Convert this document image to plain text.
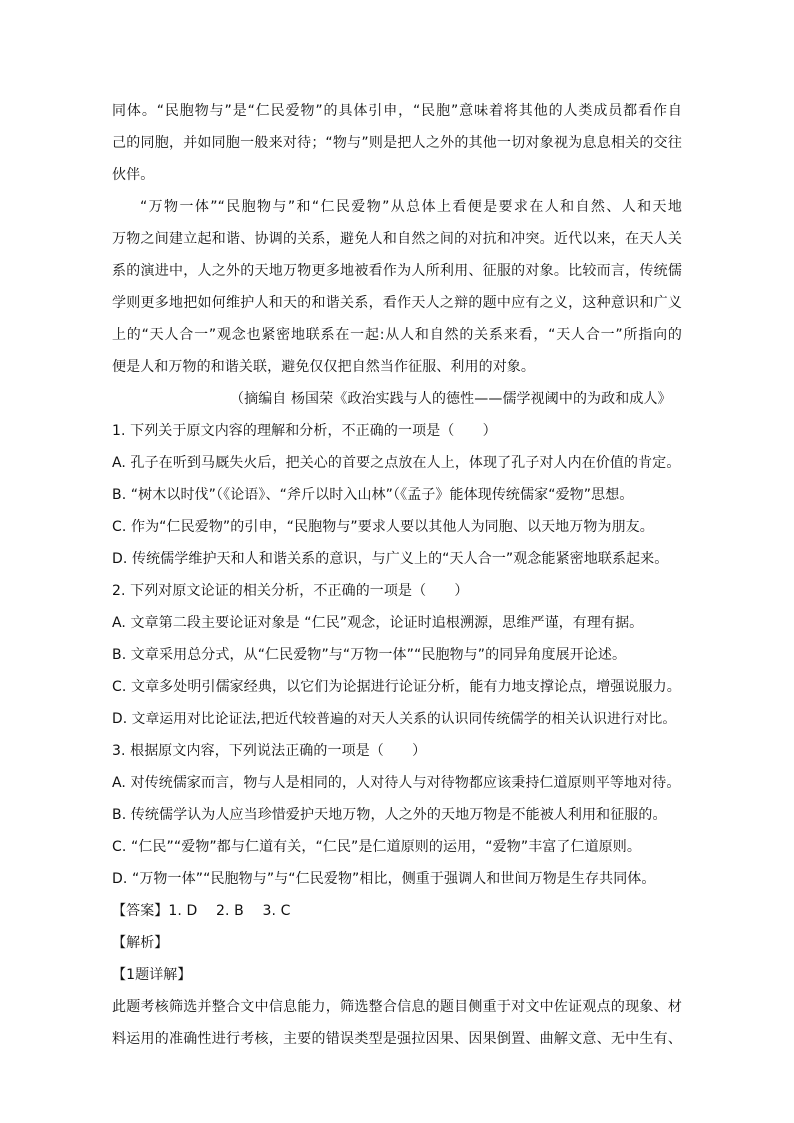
同体。“民胞物与”是“仁民爱物”的具体引申，“民胞”意味着将其他的人类成员都看作自
己的同胞，并如同胞一般来对待；“物与”则是把人之外的其他一切对象视为息息相关的交往
伙伴。
“万物一体”“民胞物与”和“仁民爱物”从总体上看便是要求在人和自然、人和天地
万物之间建立起和谐、协调的关系，避免人和自然之间的对抗和冲突。近代以来，在天人关
系的演进中，人之外的天地万物更多地被看作为人所利用、征服的对象。比较而言，传统儒
学则更多地把如何维护人和天的和谐关系，看作天人之辩的题中应有之义，这种意识和广义
上的“天人合一”观念也紧密地联系在一起:从人和自然的关系来看，“天人合一”所指向的
便是人和万物的和谐关联，避免仅仅把自然当作征服、利用的对象。
（摘编自 杨国荣《政治实践与人的德性——儒学视阈中的为政和成人》
1. 下列关于原文内容的理解和分析，不正确的一项是（　　）
A. 孔子在听到马厩失火后，把关心的首要之点放在人上，体现了孔子对人内在价值的肯定。
B. “树木以时伐”（《论语》、“斧斤以时入山林”（《孟子》能体现传统儒家“爱物”思想。
C. 作为“仁民爱物”的引申，“民胞物与”要求人要以其他人为同胞、以天地万物为朋友。
D. 传统儒学维护天和人和谐关系的意识，与广义上的“天人合一”观念能紧密地联系起来。
2. 下列对原文论证的相关分析，不正确的一项是（　　）
A. 文章第二段主要论证对象是 “仁民”观念，论证时追根溯源，思维严谨，有理有据。
B. 文章采用总分式，从“仁民爱物”与“万物一体”“民胞物与”的同异角度展开论述。
C. 文章多处明引儒家经典，以它们为论据进行论证分析，能有力地支撑论点，增强说服力。
D. 文章运用对比论证法,把近代较普遍的对天人关系的认识同传统儒学的相关认识进行对比。
3. 根据原文内容，下列说法正确的一项是（　　）
A. 对传统儒家而言，物与人是相同的，人对待人与对待物都应该秉持仁道原则平等地对待。
B. 传统儒学认为人应当珍惜爱护天地万物，人之外的天地万物是不能被人利用和征服的。
C. “仁民”“爱物”都与仁道有关，“仁民”是仁道原则的运用，“爱物”丰富了仁道原则。
D. “万物一体”“民胞物与”与“仁民爱物”相比，侧重于强调人和世间万物是生存共同体。
【答案】1. D　 2. B　 3. C
【解析】
【1题详解】
此题考核筛选并整合文中信息能力，筛选整合信息的题目侧重于对文中佐证观点的现象、材
料运用的准确性进行考核，主要的错误类型是强拉因果、因果倒置、曲解文意、无中生有、
